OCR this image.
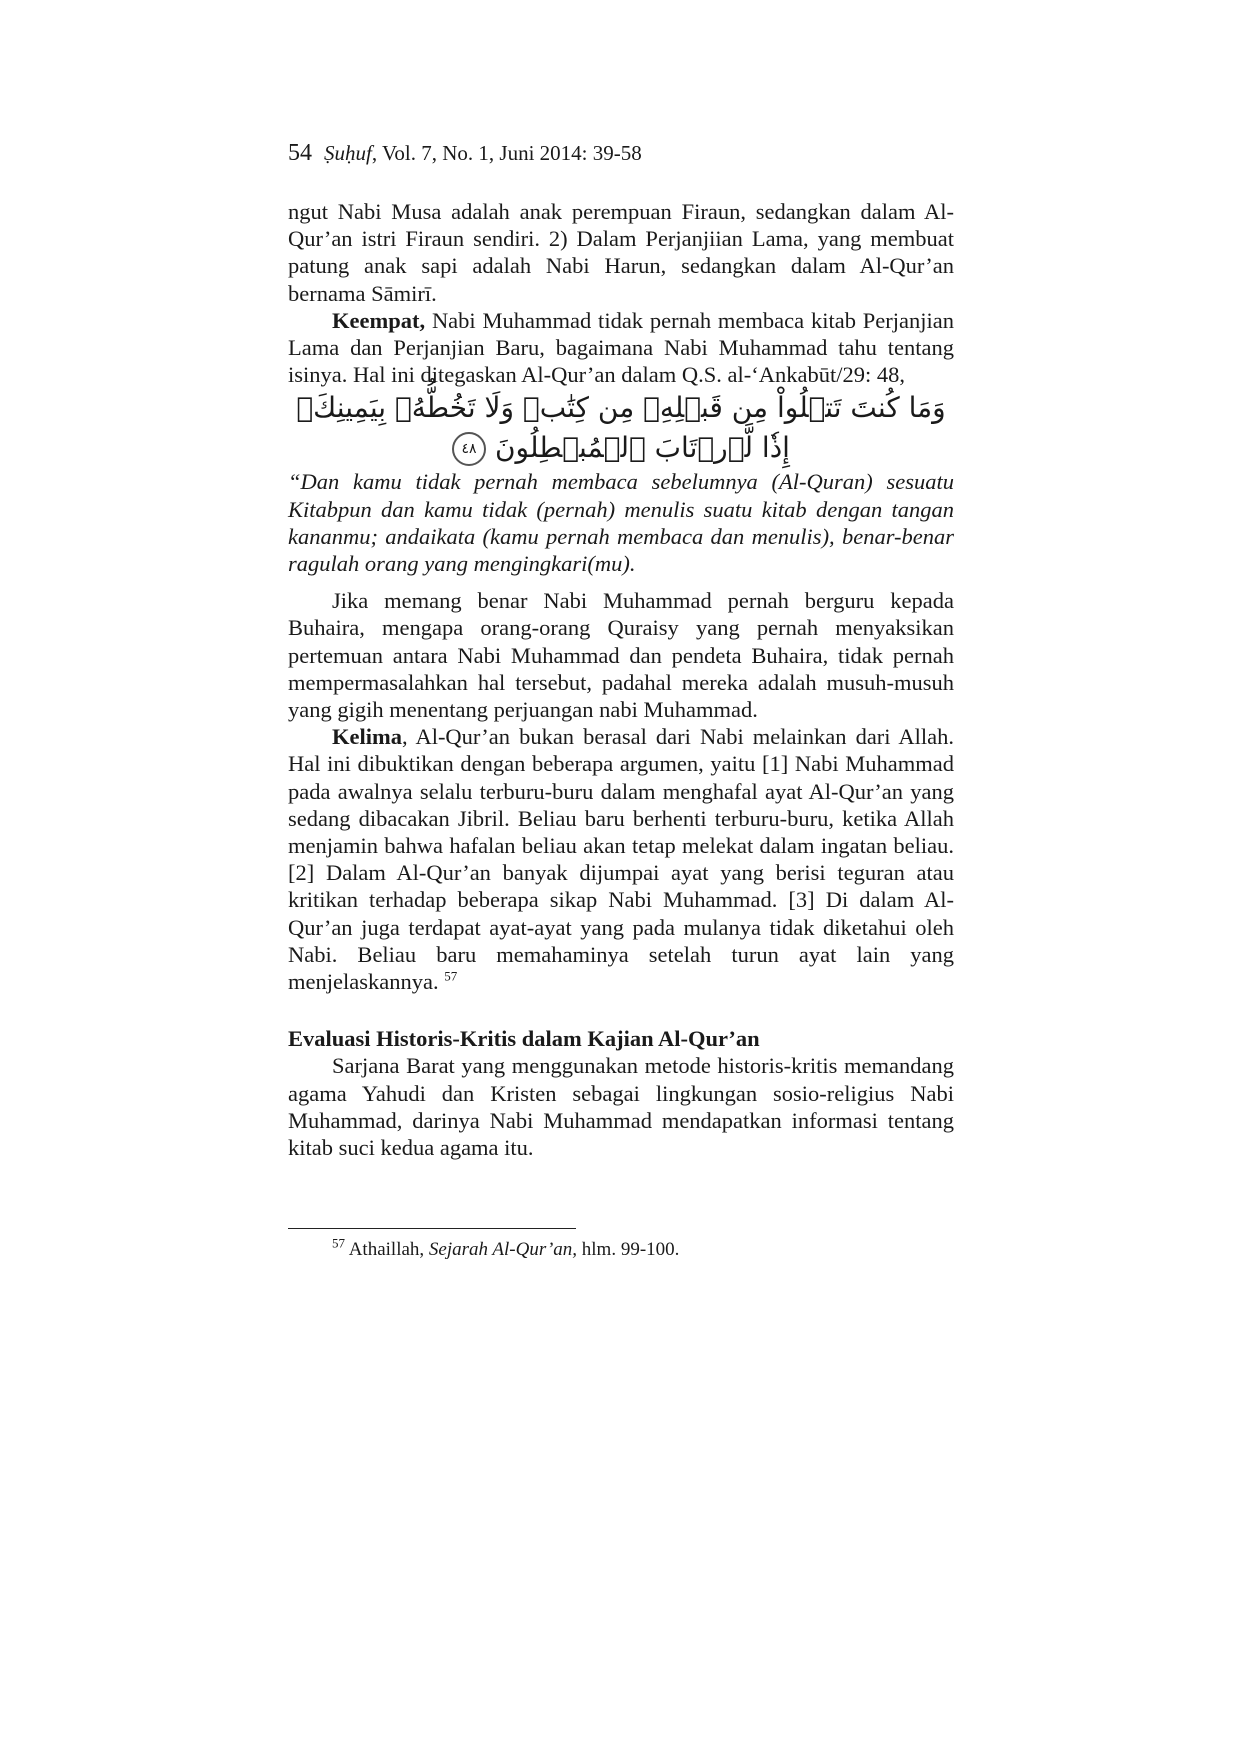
54 Ṣuḥuf, Vol. 7, No. 1, Juni 2014: 39-58

ngut Nabi Musa adalah anak perempuan Firaun, sedangkan dalam Al-Qur’an istri Firaun sendiri. 2) Dalam Perjanjiian Lama, yang membuat patung anak sapi adalah Nabi Harun, sedangkan dalam Al-Qur’an bernama Sāmirī.

Keempat, Nabi Muhammad tidak pernah membaca kitab Perjanjian Lama dan Perjanjian Baru, bagaimana Nabi Muhammad tahu tentang isinya. Hal ini ditegaskan Al-Qur’an dalam Q.S. al-‘Ankabūt/29: 48,

وَمَا كُنتَ تَتۡلُواْ مِن قَبۡلِهِۦ مِن كِتَٰبٖ وَلَا تَخُطُّهُۥ بِيَمِينِكَۖ إِذٗا لَّٱرۡتَابَ ٱلۡمُبۡطِلُونَ ٤٨

“Dan kamu tidak pernah membaca sebelumnya (Al-Quran) sesuatu Kitabpun dan kamu tidak (pernah) menulis suatu kitab dengan tangan kananmu; andaikata (kamu pernah membaca dan menulis), benar-benar ragulah orang yang mengingkari(mu).

Jika memang benar Nabi Muhammad pernah berguru kepada Buhaira, mengapa orang-orang Quraisy yang pernah menyaksikan pertemuan antara Nabi Muhammad dan pendeta Buhaira, tidak pernah mempermasalahkan hal tersebut, padahal mereka adalah musuh-musuh yang gigih menentang perjuangan nabi Muhammad.

Kelima, Al-Qur’an bukan berasal dari Nabi melainkan dari Allah. Hal ini dibuktikan dengan beberapa argumen, yaitu [1] Nabi Muhammad pada awalnya selalu terburu-buru dalam menghafal ayat Al-Qur’an yang sedang dibacakan Jibril. Beliau baru berhenti terburu-buru, ketika Allah menjamin bahwa hafalan beliau akan tetap melekat dalam ingatan beliau. [2] Dalam Al-Qur’an banyak dijumpai ayat yang berisi teguran atau kritikan terhadap beberapa sikap Nabi Muhammad. [3] Di dalam Al-Qur’an juga terdapat ayat-ayat yang pada mulanya tidak diketahui oleh Nabi. Beliau baru memahaminya setelah turun ayat lain yang menjelaskannya. $^{57}$

Evaluasi Historis-Kritis dalam Kajian Al-Qur’an

Sarjana Barat yang menggunakan metode historis-kritis memandang agama Yahudi dan Kristen sebagai lingkungan sosio-religius Nabi Muhammad, darinya Nabi Muhammad mendapatkan informasi tentang kitab suci kedua agama itu.

$^{57}$ Athaillah, Sejarah Al-Qur’an, hlm. 99-100.
